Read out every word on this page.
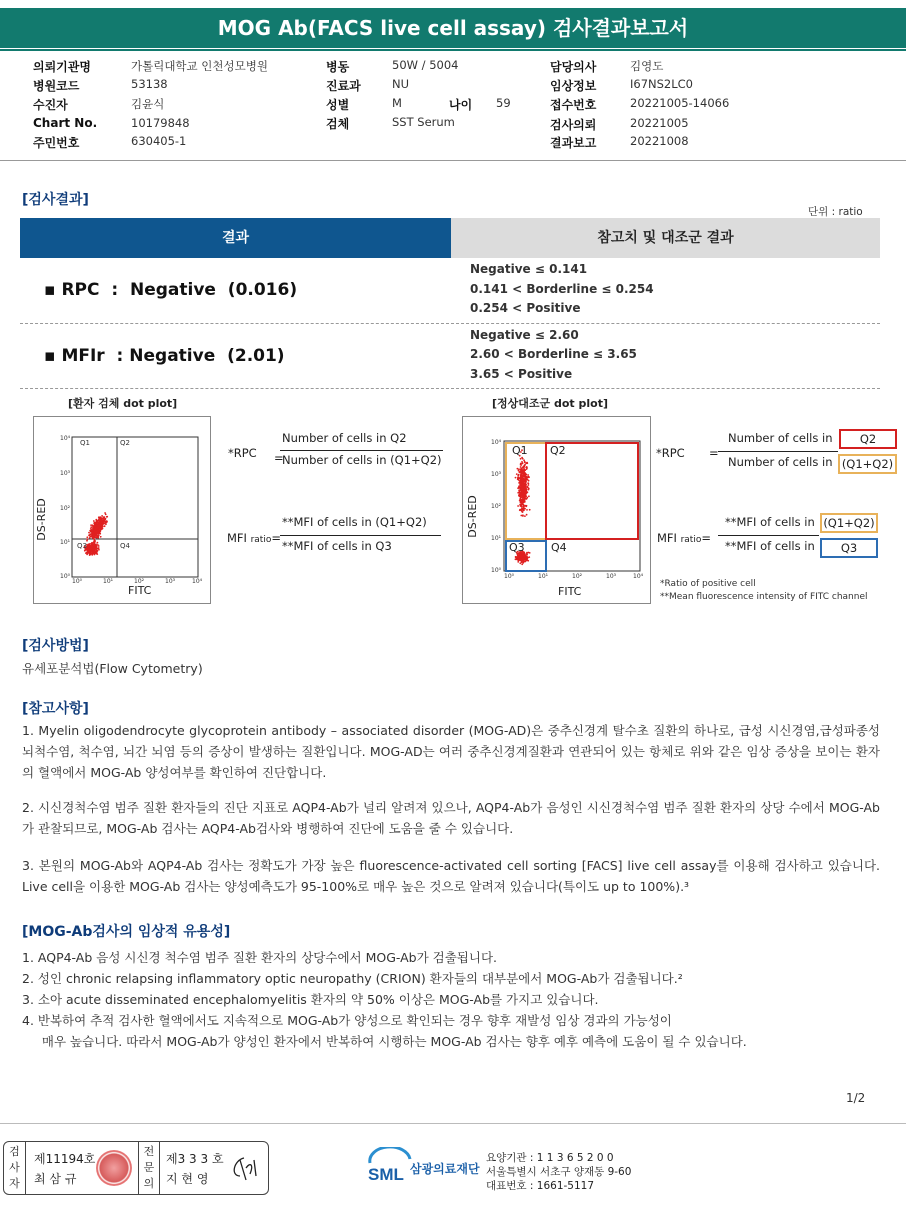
MOG Ab(FACS live cell assay) 검사결과보고서
의뢰기관명	가톨릭대학교 인천성모병원
병원코드	53138
수진자	김윤식
Chart No.	10179848
주민번호	630405-1
병동	50W / 5004
진료과	NU
성별	M	나이 59
검체	SST Serum
담당의사	김영도
임상정보	I67NS2LC0
접수번호	20221005-14066
검사의뢰	20221005
결과보고	20221008
[검사결과]
단위 : ratio
결과	참고치 및 대조군 결과
▪ RPC : Negative (0.016)
Negative ≤ 0.141
0.141 < Borderline ≤ 0.254
0.254 < Positive
▪ MFIr : Negative (2.01)
Negative ≤ 2.60
2.60 < Borderline ≤ 3.65
3.65 < Positive
[환자 검체 dot plot]
Q1	Q2
Q3	Q4
10⁴
10³
10²
10¹
10⁰
10⁰	10¹	10²	10³	10⁴
FITC
DS-RED
*RPC =
Number of cells in Q2
Number of cells in (Q1+Q2)
MFI ratio=
**MFI of cells in (Q1+Q2)
**MFI of cells in Q3
[정상대조군 dot plot]
Q1 Q2
Q3 Q4
10⁴
10³
10²
10¹
10⁰
10⁰	10¹	10²	10³	10⁴
FITC
DS-RED
*RPC =
Number of cells in	Q2
Number of cells in (Q1+Q2)
MFI ratio=
**MFI of cells in (Q1+Q2)
**MFI of cells in	Q3
*Ratio of positive cell
**Mean fluorescence intensity of FITC channel
[검사방법]
유세포분석법(Flow Cytometry)
[참고사항]
1. Myelin oligodendrocyte glycoprotein antibody – associated disorder (MOG-AD)은 중추신경계 탈수초 질환의 하나로, 급성 시신경염,급성파종성 뇌척수염, 척수염, 뇌간 뇌염 등의 증상이 발생하는 질환입니다. MOG-AD는 여러 중추신경계질환과 연관되어 있는 항체로 위와 같은 임상 증상을 보이는 환자의 혈액에서 MOG-Ab 양성여부를 확인하여 진단합니다.
2. 시신경척수염 범주 질환 환자들의 진단 지표로 AQP4-Ab가 널리 알려져 있으나, AQP4-Ab가 음성인 시신경척수염 범주 질환 환자의 상당 수에서 MOG-Ab가 관찰되므로, MOG-Ab 검사는 AQP4-Ab검사와 병행하여 진단에 도움을 줄 수 있습니다.
3. 본원의 MOG-Ab와 AQP4-Ab 검사는 정확도가 가장 높은 fluorescence-activated cell sorting [FACS] live cell assay를 이용해 검사하고 있습니다. Live cell을 이용한 MOG-Ab 검사는 양성예측도가 95-100%로 매우 높은 것으로 알려져 있습니다(특이도 up to 100%).³
[MOG-Ab검사의 임상적 유용성]
1. AQP4-Ab 음성 시신경 척수염 범주 질환 환자의 상당수에서 MOG-Ab가 검출됩니다.
2. 성인 chronic relapsing inflammatory optic neuropathy (CRION) 환자들의 대부분에서 MOG-Ab가 검출됩니다.²
3. 소아 acute disseminated encephalomyelitis 환자의 약 50% 이상은 MOG-Ab를 가지고 있습니다.
4. 반복하여 추적 검사한 혈액에서도 지속적으로 MOG-Ab가 양성으로 확인되는 경우 향후 재발성 임상 경과의 가능성이
매우 높습니다. 따라서 MOG-Ab가 양성인 환자에서 반복하여 시행하는 MOG-Ab 검사는 향후 예후 예측에 도움이 될 수 있습니다.
1/2
검
사
자
제11194호
최 삼 규
전
문
의
제3 3 3 호
지 현 영	SML 삼광의료재단
요양기관 : 1 1 3 6 5 2 0 0
서울특별시 서초구 양재동 9-60
대표번호 : 1661-5117
